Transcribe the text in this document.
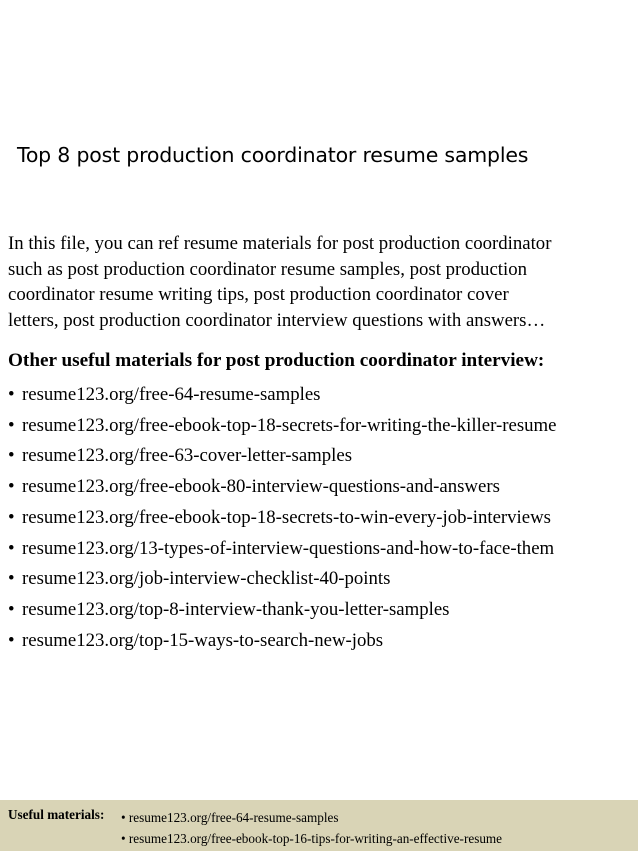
Top 8 post production coordinator resume samples

In this file, you can ref resume materials for post production coordinator
such as post production coordinator resume samples, post production
coordinator resume writing tips, post production coordinator cover
letters, post production coordinator interview questions with answers…

Other useful materials for post production coordinator interview:
• resume123.org/free-64-resume-samples
• resume123.org/free-ebook-top-18-secrets-for-writing-the-killer-resume
• resume123.org/free-63-cover-letter-samples
• resume123.org/free-ebook-80-interview-questions-and-answers
• resume123.org/free-ebook-top-18-secrets-to-win-every-job-interviews
• resume123.org/13-types-of-interview-questions-and-how-to-face-them
• resume123.org/job-interview-checklist-40-points
• resume123.org/top-8-interview-thank-you-letter-samples
• resume123.org/top-15-ways-to-search-new-jobs
Useful materials: • resume123.org/free-64-resume-samples
• resume123.org/free-ebook-top-16-tips-for-writing-an-effective-resume
